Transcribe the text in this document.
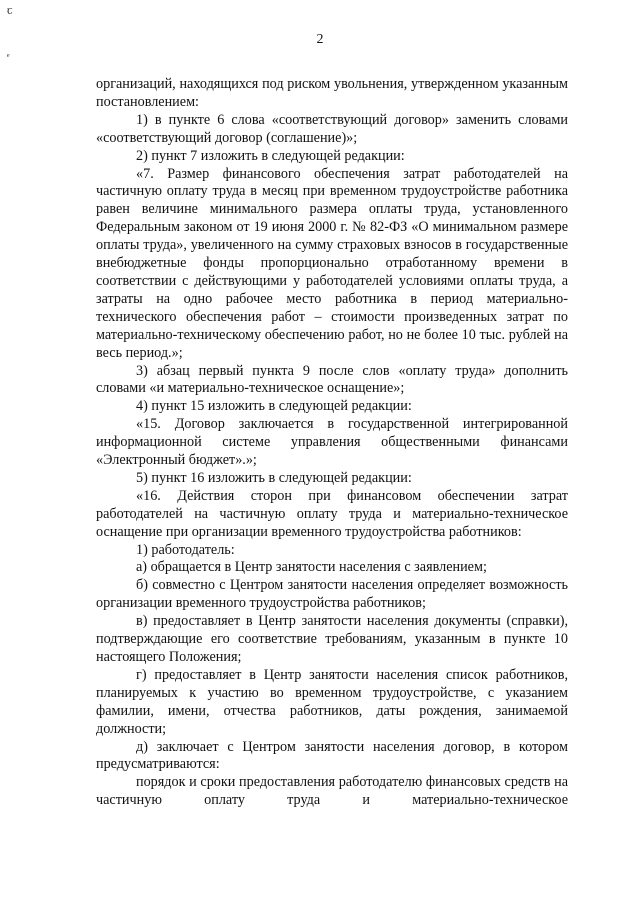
ꞇ
ₑ
2

организаций, находящихся под риском увольнения, утвержденном указанным постановлением:

1) в пункте 6 слова «соответствующий договор» заменить словами «соответствующий договор (соглашение)»;

2) пункт 7 изложить в следующей редакции:

«7. Размер финансового обеспечения затрат работодателей на частичную оплату труда в месяц при временном трудоустройстве работника равен величине минимального размера оплаты труда, установленного Федеральным законом от 19 июня 2000 г. № 82-ФЗ «О минимальном размере оплаты труда», увеличенного на сумму страховых взносов в государственные внебюджетные фонды пропорционально отработанному времени в соответствии с действующими у работодателей условиями оплаты труда, а затраты на одно рабочее место работника в период материально-технического обеспечения работ – стоимости произведенных затрат по материально-техническому обеспечению работ, но не более 10 тыс. рублей на весь период.»;

3) абзац первый пункта 9 после слов «оплату труда» дополнить словами «и материально-техническое оснащение»;

4) пункт 15 изложить в следующей редакции:

«15. Договор заключается в государственной интегрированной информационной системе управления общественными финансами «Электронный бюджет».»;

5) пункт 16 изложить в следующей редакции:

«16. Действия сторон при финансовом обеспечении затрат работодателей на частичную оплату труда и материально-техническое оснащение при организации временного трудоустройства работников:

1) работодатель:

а) обращается в Центр занятости населения с заявлением;

б) совместно с Центром занятости населения определяет возможность организации временного трудоустройства работников;

в) предоставляет в Центр занятости населения документы (справки), подтверждающие его соответствие требованиям, указанным в пункте 10 настоящего Положения;

г) предоставляет в Центр занятости населения список работников, планируемых к участию во временном трудоустройстве, с указанием фамилии, имени, отчества работников, даты рождения, занимаемой должности;

д) заключает с Центром занятости населения договор, в котором предусматриваются:

порядок и сроки предоставления работодателю финансовых средств на частичную оплату труда и материально-техническое
